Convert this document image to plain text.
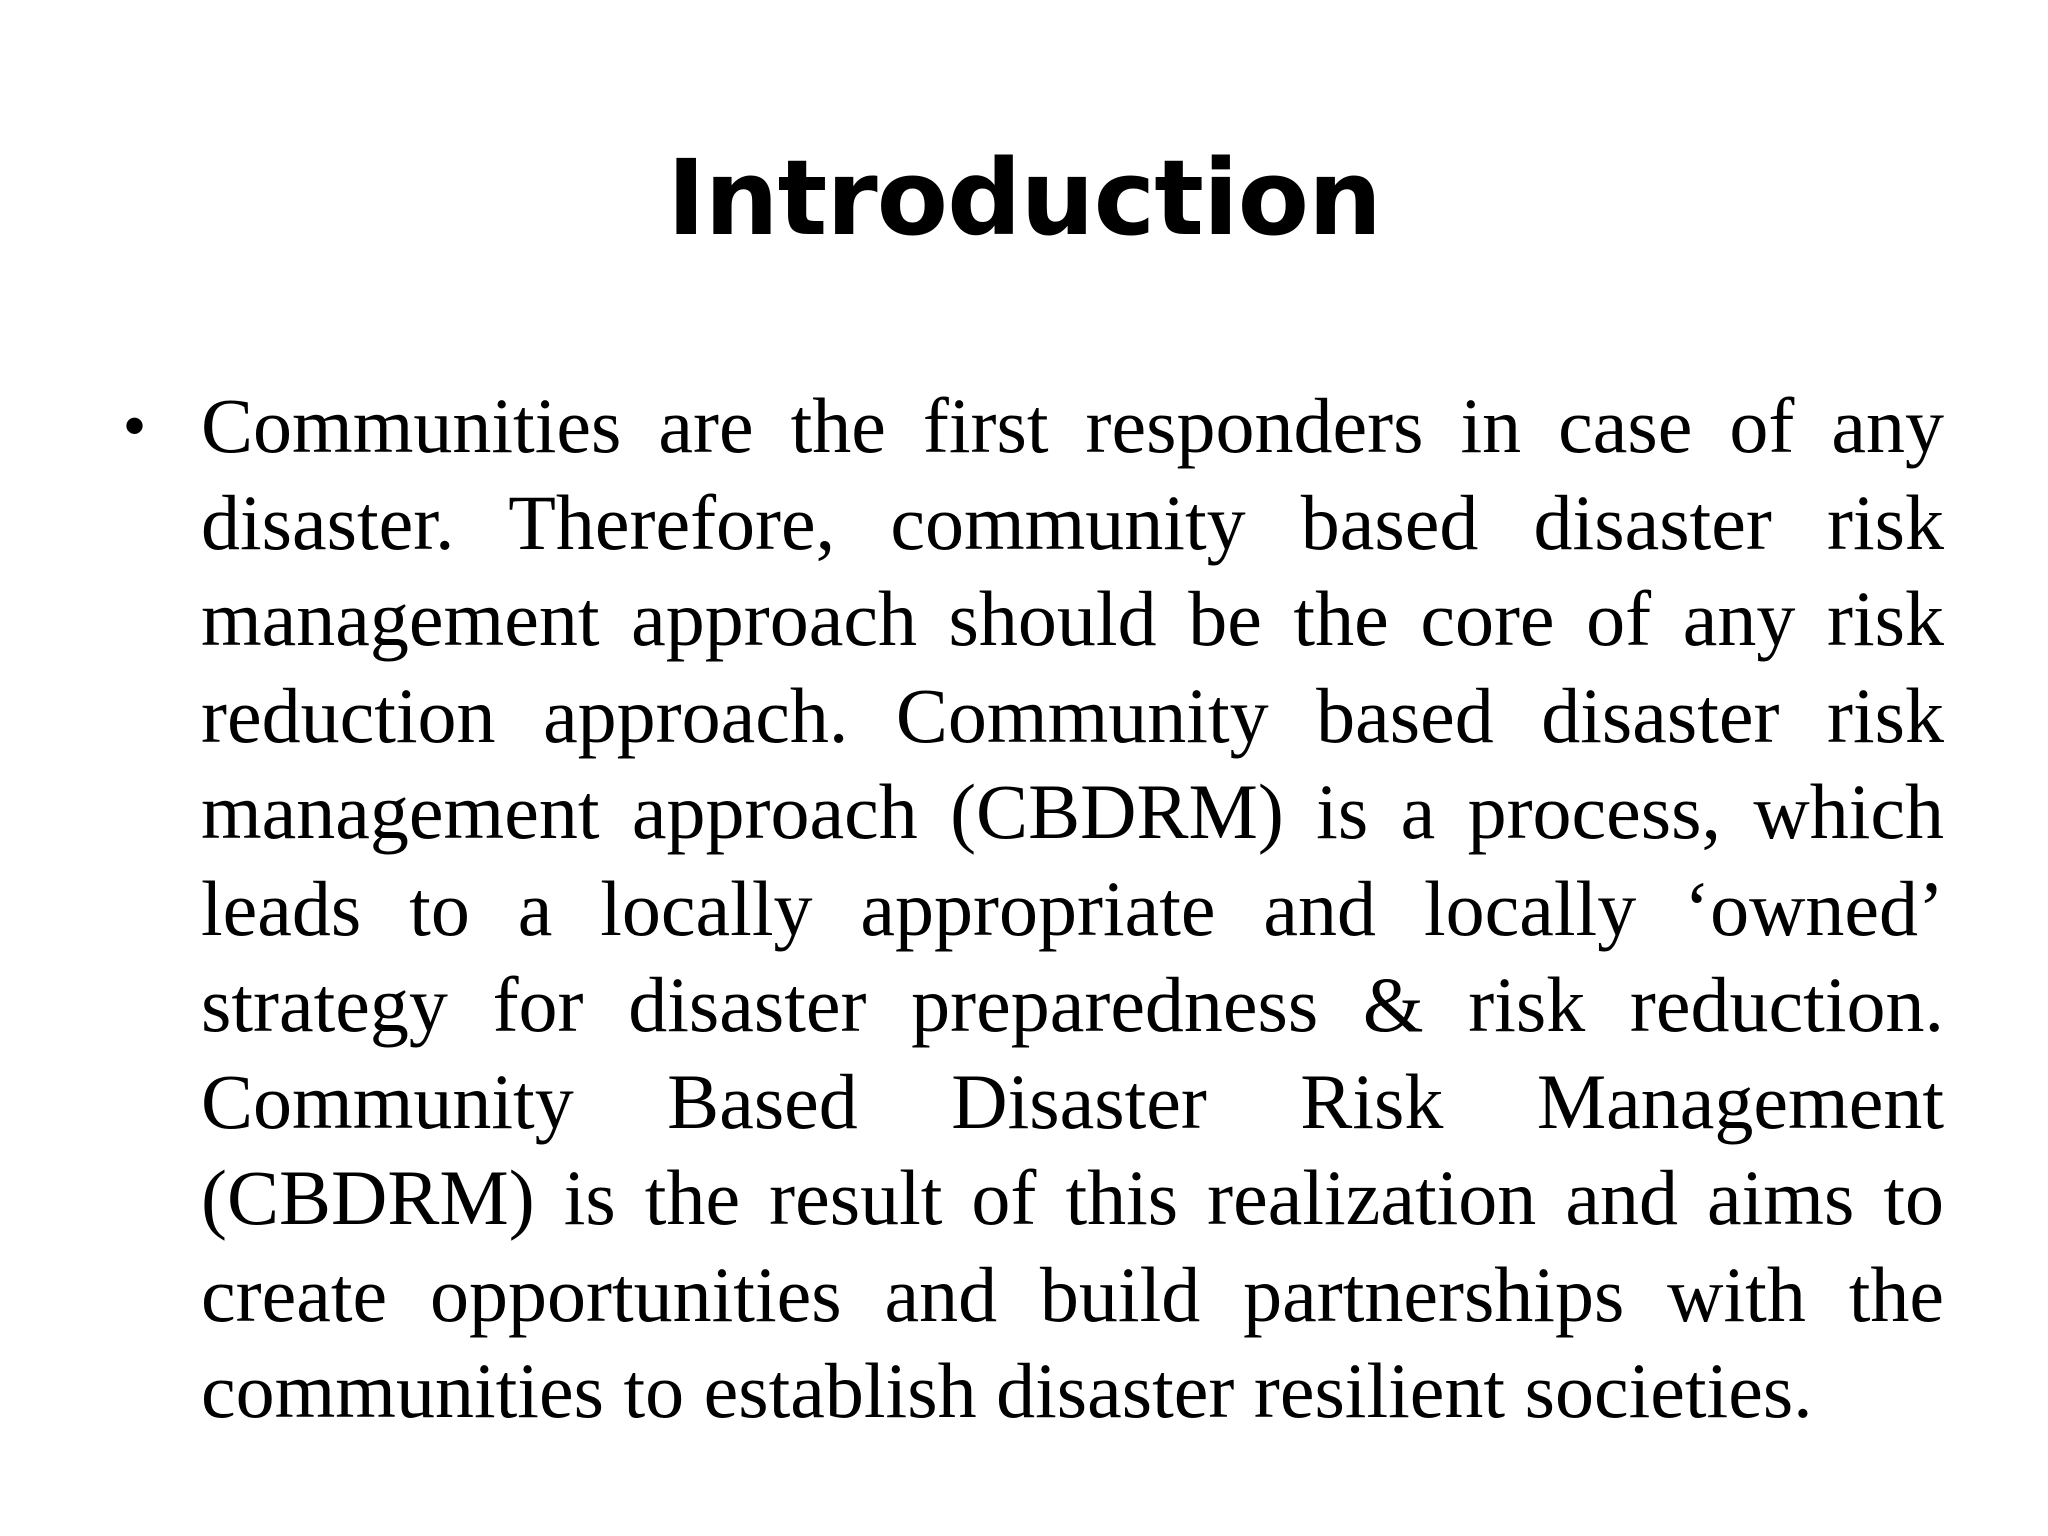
Introduction

• Communities are the first responders in case of any disaster. Therefore, community based disaster risk management approach should be the core of any risk reduction approach. Community based disaster risk management approach (CBDRM) is a process, which leads to a locally appropriate and locally ‘owned’ strategy for disaster preparedness & risk reduction. Community Based Disaster Risk Management (CBDRM) is the result of this realization and aims to create opportunities and build partnerships with the communities to establish disaster resilient societies.
